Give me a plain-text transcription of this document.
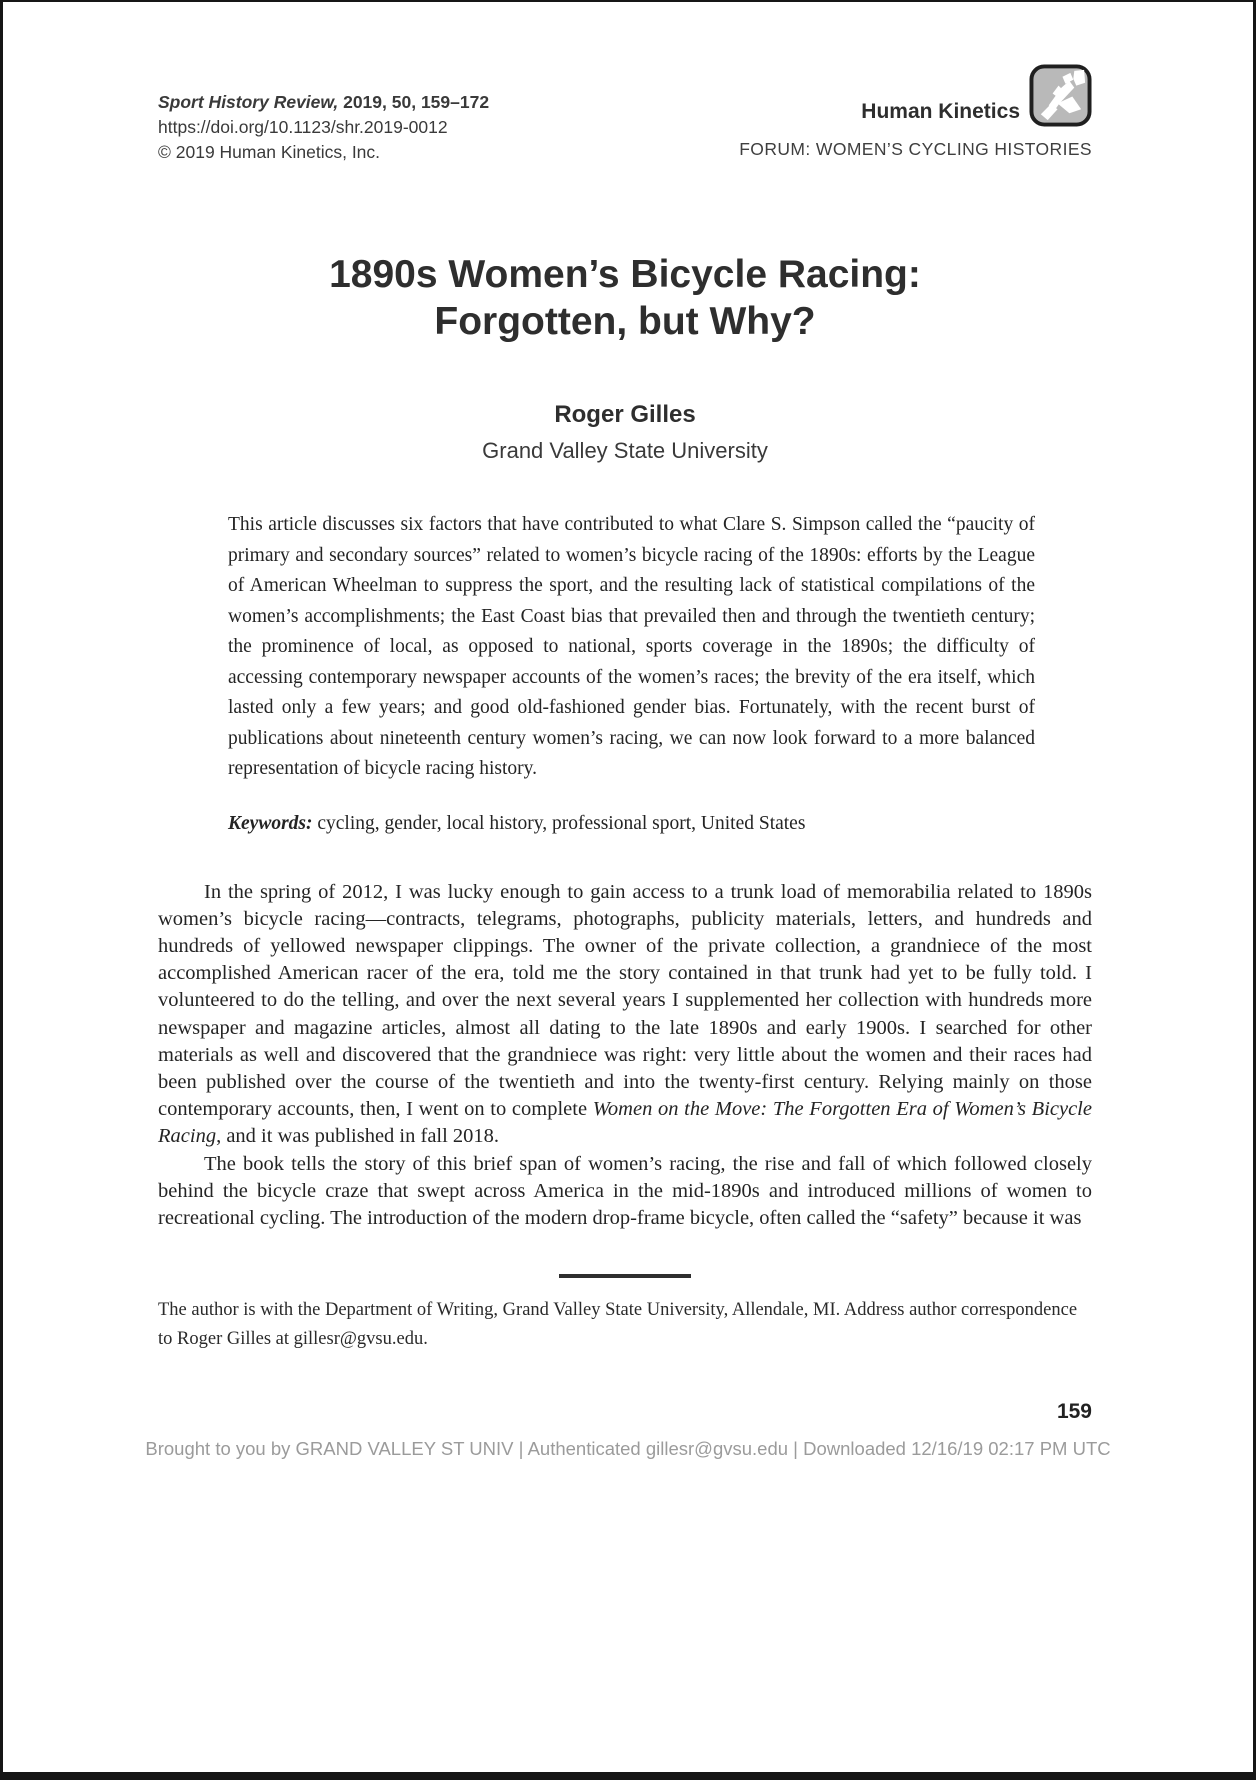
Sport History Review, 2019, 50, 159–172
https://doi.org/10.1123/shr.2019-0012
© 2019 Human Kinetics, Inc.
Human Kinetics
FORUM: WOMEN’S CYCLING HISTORIES
1890s Women’s Bicycle Racing:
Forgotten, but Why?
Roger Gilles
Grand Valley State University
This article discusses six factors that have contributed to what Clare S. Simpson called the “paucity of primary and secondary sources” related to women’s bicycle racing of the 1890s: efforts by the League of American Wheelman to suppress the sport, and the resulting lack of statistical compilations of the women’s accomplishments; the East Coast bias that prevailed then and through the twentieth century; the prominence of local, as opposed to national, sports coverage in the 1890s; the difficulty of accessing contemporary newspaper accounts of the women’s races; the brevity of the era itself, which lasted only a few years; and good old-fashioned gender bias. Fortunately, with the recent burst of publications about nineteenth century women’s racing, we can now look forward to a more balanced representation of bicycle racing history.
Keywords: cycling, gender, local history, professional sport, United States

In the spring of 2012, I was lucky enough to gain access to a trunk load of memorabilia related to 1890s women’s bicycle racing—contracts, telegrams, photographs, publicity materials, letters, and hundreds and hundreds of yellowed newspaper clippings. The owner of the private collection, a grandniece of the most accomplished American racer of the era, told me the story contained in that trunk had yet to be fully told. I volunteered to do the telling, and over the next several years I supplemented her collection with hundreds more newspaper and magazine articles, almost all dating to the late 1890s and early 1900s. I searched for other materials as well and discovered that the grandniece was right: very little about the women and their races had been published over the course of the twentieth and into the twenty-first century. Relying mainly on those contemporary accounts, then, I went on to complete Women on the Move: The Forgotten Era of Women’s Bicycle Racing, and it was published in fall 2018.

The book tells the story of this brief span of women’s racing, the rise and fall of which followed closely behind the bicycle craze that swept across America in the mid-1890s and introduced millions of women to recreational cycling. The introduction of the modern drop-frame bicycle, often called the “safety” because it was

The author is with the Department of Writing, Grand Valley State University, Allendale, MI. Address author correspondence to Roger Gilles at gillesr@gvsu.edu.
159
Brought to you by GRAND VALLEY ST UNIV | Authenticated gillesr@gvsu.edu | Downloaded 12/16/19 02:17 PM UTC
